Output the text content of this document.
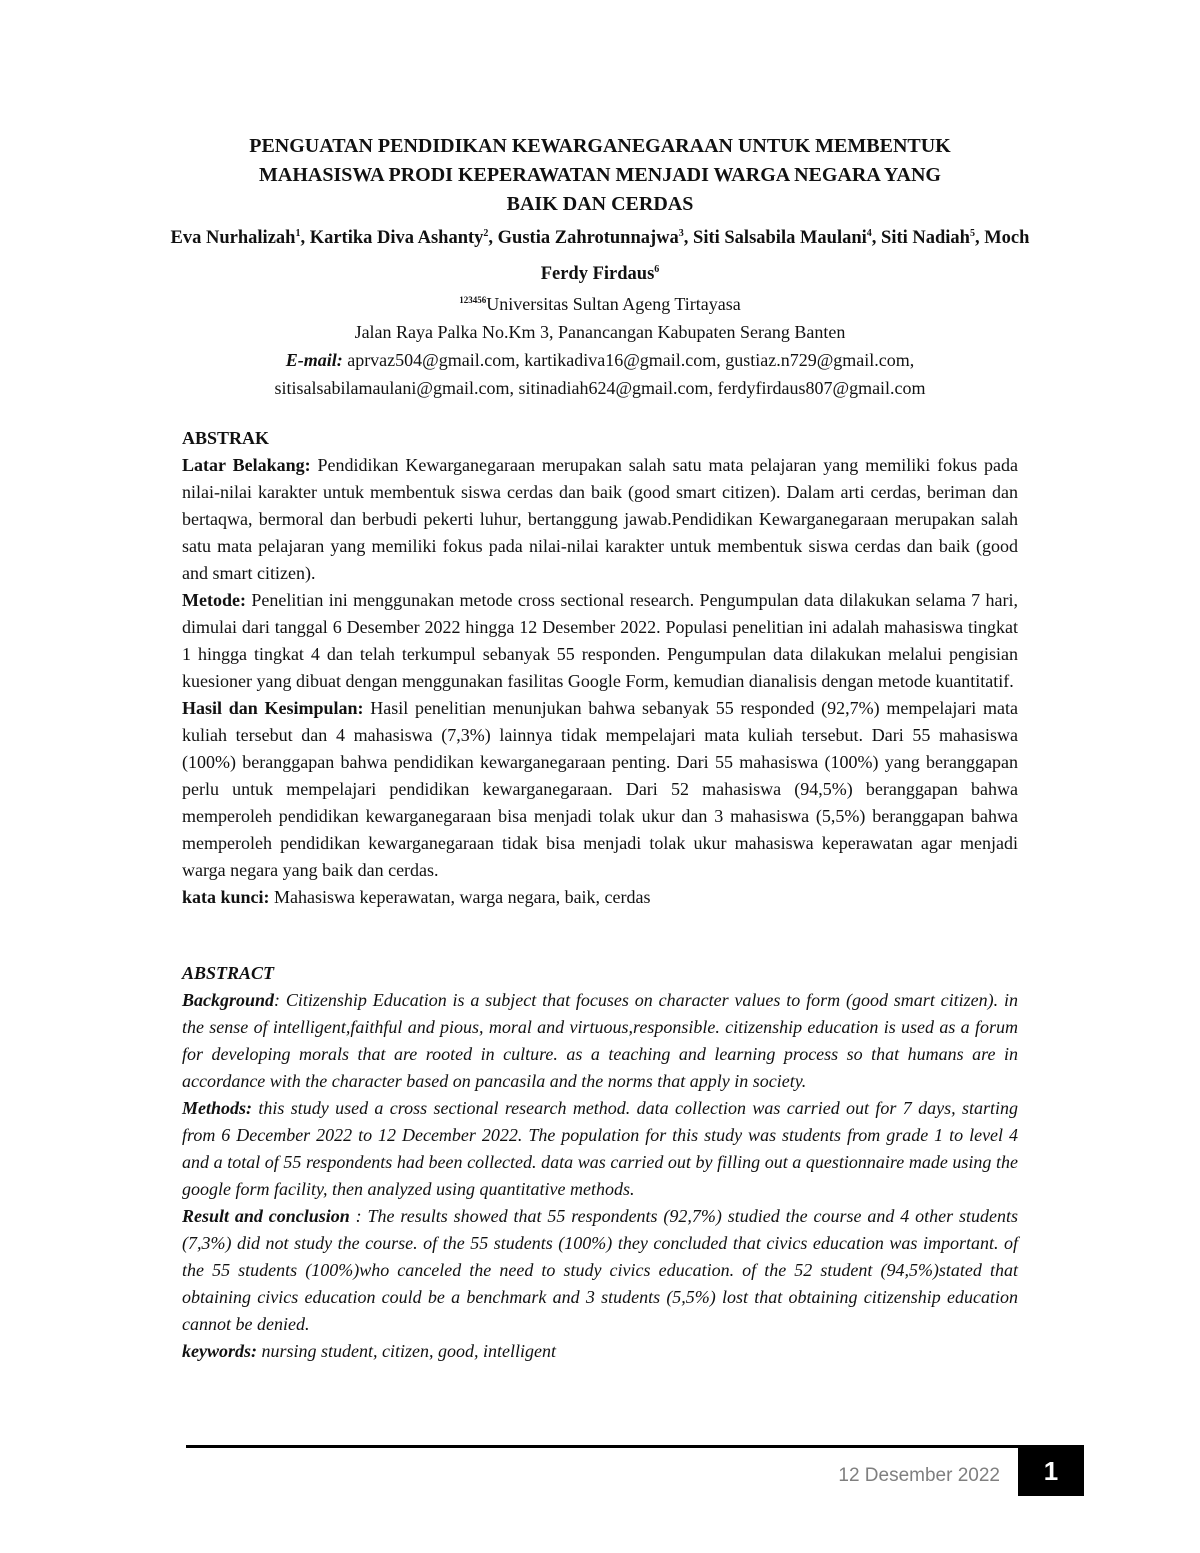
PENGUATAN PENDIDIKAN KEWARGANEGARAAN UNTUK MEMBENTUK
MAHASISWA PRODI KEPERAWATAN MENJADI WARGA NEGARA YANG
BAIK DAN CERDAS
Eva Nurhalizah$^1$, Kartika Diva Ashanty$^2$, Gustia Zahrotunnajwa$^3$, Siti Salsabila Maulani$^4$, Siti Nadiah$^5$, Moch Ferdy Firdaus$^6$
$^{123456}$Universitas Sultan Ageng Tirtayasa
Jalan Raya Palka No.Km 3, Panancangan Kabupaten Serang Banten
E-mail: aprvaz504@gmail.com, kartikadiva16@gmail.com, gustiaz.n729@gmail.com,
sitisalsabilamaulani@gmail.com, sitinadiah624@gmail.com, ferdyfirdaus807@gmail.com

ABSTRAK

Latar Belakang: Pendidikan Kewarganegaraan merupakan salah satu mata pelajaran yang memiliki fokus pada nilai-nilai karakter untuk membentuk siswa cerdas dan baik (good smart citizen). Dalam arti cerdas, beriman dan bertaqwa, bermoral dan berbudi pekerti luhur, bertanggung jawab.Pendidikan Kewarganegaraan merupakan salah satu mata pelajaran yang memiliki fokus pada nilai-nilai karakter untuk membentuk siswa cerdas dan baik (good and smart citizen).

Metode: Penelitian ini menggunakan metode cross sectional research. Pengumpulan data dilakukan selama 7 hari, dimulai dari tanggal 6 Desember 2022 hingga 12 Desember 2022. Populasi penelitian ini adalah mahasiswa tingkat 1 hingga tingkat 4 dan telah terkumpul sebanyak 55 responden. Pengumpulan data dilakukan melalui pengisian kuesioner yang dibuat dengan menggunakan fasilitas Google Form, kemudian dianalisis dengan metode kuantitatif.

Hasil dan Kesimpulan: Hasil penelitian menunjukan bahwa sebanyak 55 responded (92,7%) mempelajari mata kuliah tersebut dan 4 mahasiswa (7,3%) lainnya tidak mempelajari mata kuliah tersebut. Dari 55 mahasiswa (100%) beranggapan bahwa pendidikan kewarganegaraan penting. Dari 55 mahasiswa (100%) yang beranggapan perlu untuk mempelajari pendidikan kewarganegaraan. Dari 52 mahasiswa (94,5%) beranggapan bahwa memperoleh pendidikan kewarganegaraan bisa menjadi tolak ukur dan 3 mahasiswa (5,5%) beranggapan bahwa memperoleh pendidikan kewarganegaraan tidak bisa menjadi tolak ukur mahasiswa keperawatan agar menjadi warga negara yang baik dan cerdas.

kata kunci: Mahasiswa keperawatan, warga negara, baik, cerdas

ABSTRACT

Background: Citizenship Education is a subject that focuses on character values to form (good smart citizen). in the sense of intelligent,faithful and pious, moral and virtuous,responsible. citizenship education is used as a forum for developing morals that are rooted in culture. as a teaching and learning process so that humans are in accordance with the character based on pancasila and the norms that apply in society.

Methods: this study used a cross sectional research method. data collection was carried out for 7 days, starting from 6 December 2022 to 12 December 2022. The population for this study was students from grade 1 to level 4 and a total of 55 respondents had been collected. data was carried out by filling out a questionnaire made using the google form facility, then analyzed using quantitative methods.

Result and conclusion : The results showed that 55 respondents (92,7%) studied the course and 4 other students (7,3%) did not study the course. of the 55 students (100%) they concluded that civics education was important. of the 55 students (100%)who canceled the need to study civics education. of the 52 student (94,5%)stated that obtaining civics education could be a benchmark and 3 students (5,5%) lost that obtaining citizenship education cannot be denied.

keywords: nursing student, citizen, good, intelligent

12 Desember 2022	1
